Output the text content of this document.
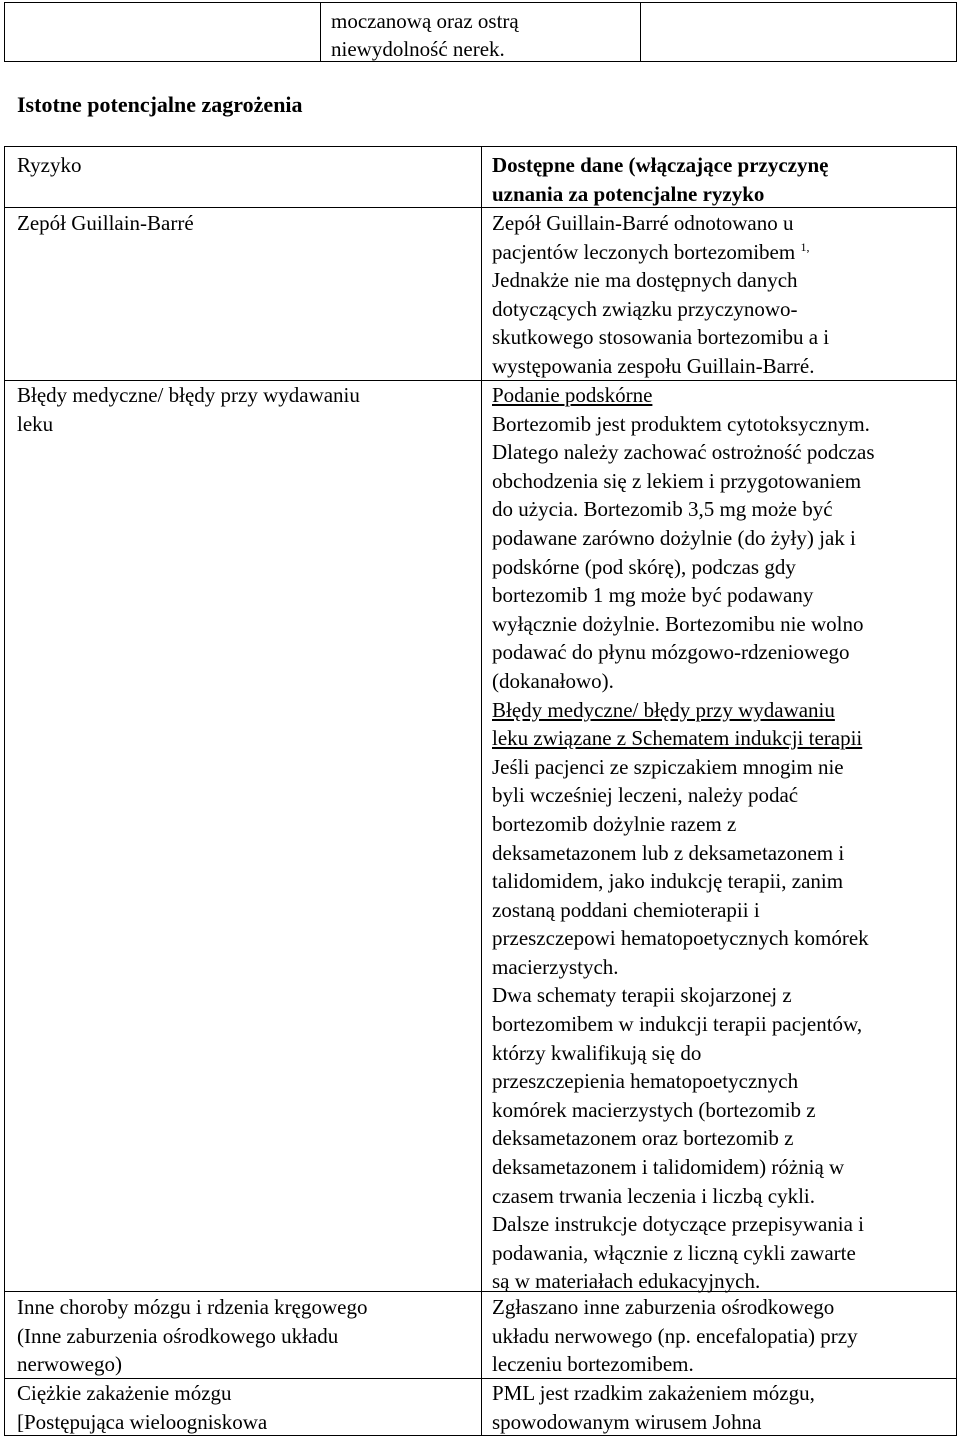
moczanową oraz ostrą
niewydolność nerek.
Istotne potencjalne zagrożenia
Ryzyko	Dostępne dane (włączające przyczynę
uznania za potencjalne ryzyko
Zepół Guillain-Barré	Zepół Guillain-Barré odnotowano u
pacjentów leczonych bortezomibem $^{1,}$
Jednakże nie ma dostępnych danych
dotyczących związku przyczynowo-
skutkowego stosowania bortezomibu a i
występowania zespołu Guillain-Barré.
Błędy medyczne/ błędy przy wydawaniu
leku
Podanie podskórne
Bortezomib jest produktem cytotoksycznym.
Dlatego należy zachować ostrożność podczas
obchodzenia się z lekiem i przygotowaniem
do użycia. Bortezomib 3,5 mg może być
podawane zarówno dożylnie (do żyły) jak i
podskórne (pod skórę), podczas gdy
bortezomib 1 mg może być podawany
wyłącznie dożylnie. Bortezomibu nie wolno
podawać do płynu mózgowo-rdzeniowego
(dokanałowo).
Błędy medyczne/ błędy przy wydawaniu
leku związane z Schematem indukcji terapii
Jeśli pacjenci ze szpiczakiem mnogim nie
byli wcześniej leczeni, należy podać
bortezomib dożylnie razem z
deksametazonem lub z deksametazonem i
talidomidem, jako indukcję terapii, zanim
zostaną poddani chemioterapii i
przeszczepowi hematopoetycznych komórek
macierzystych.
Dwa schematy terapii skojarzonej z
bortezomibem w indukcji terapii pacjentów,
którzy kwalifikują się do
przeszczepienia hematopoetycznych
komórek macierzystych (bortezomib z
deksametazonem oraz bortezomib z
deksametazonem i talidomidem) różnią w
czasem trwania leczenia i liczbą cykli.
Dalsze instrukcje dotyczące przepisywania i
podawania, włącznie z liczną cykli zawarte
są w materiałach edukacyjnych.
Inne choroby mózgu i rdzenia kręgowego
(Inne zaburzenia ośrodkowego układu
nerwowego)
Zgłaszano inne zaburzenia ośrodkowego
układu nerwowego (np. encefalopatia) przy
leczeniu bortezomibem.
Ciężkie zakażenie mózgu
[Postępująca wieloogniskowa
PML jest rzadkim zakażeniem mózgu,
spowodowanym wirusem Johna
